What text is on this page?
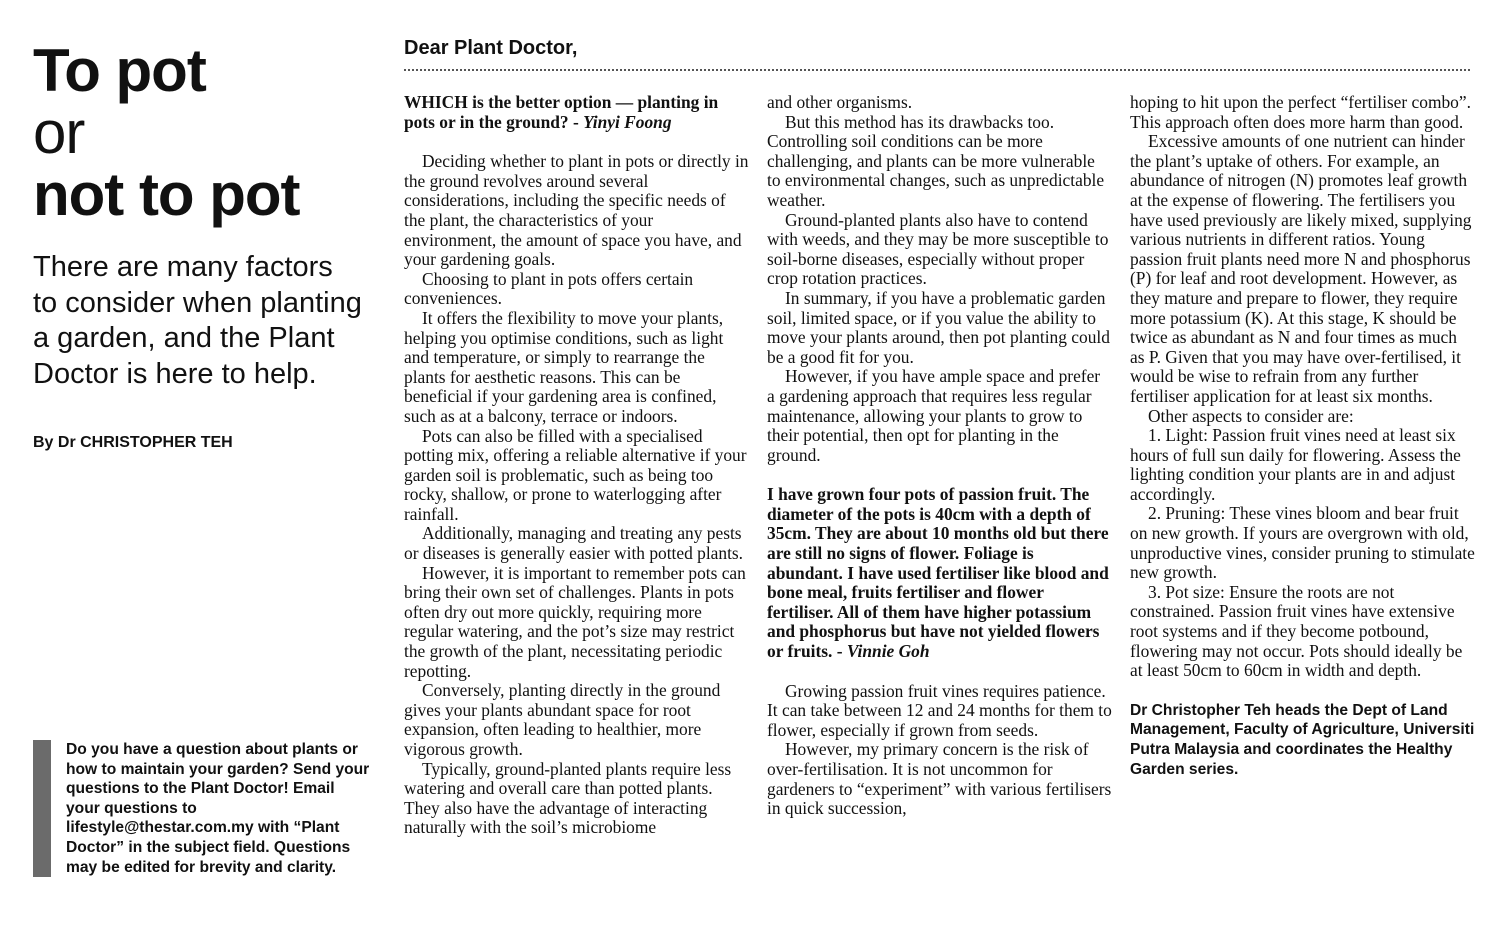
To pot
or
not to pot
There are many factors to consider when planting a garden, and the Plant Doctor is here to help.
By Dr CHRISTOPHER TEH
Do you have a question about plants or how to maintain your garden? Send your questions to the Plant Doctor! Email your questions to lifestyle@thestar.com.my with “Plant Doctor” in the subject field. Questions may be edited for brevity and clarity.
Dear Plant Doctor,

WHICH is the better option — planting in pots or in the ground? - Yinyi Foong

Deciding whether to plant in pots or directly in the ground revolves around several considerations, including the specific needs of the plant, the characteristics of your environment, the amount of space you have, and your gardening goals.

Choosing to plant in pots offers certain conveniences.

It offers the flexibility to move your plants, helping you optimise conditions, such as light and temperature, or simply to rearrange the plants for aesthetic reasons. This can be beneficial if your gardening area is confined, such as at a balcony, terrace or indoors.

Pots can also be filled with a specialised potting mix, offering a reliable alternative if your garden soil is problematic, such as being too rocky, shallow, or prone to waterlogging after rainfall.

Additionally, managing and treating any pests or diseases is generally easier with potted plants.

However, it is important to remember pots can bring their own set of challenges. Plants in pots often dry out more quickly, requiring more regular watering, and the pot’s size may restrict the growth of the plant, necessitating periodic repotting.

Conversely, planting directly in the ground gives your plants abundant space for root expansion, often leading to healthier, more vigorous growth.

Typically, ground-planted plants require less watering and overall care than potted plants. They also have the advantage of interacting naturally with the soil’s microbiome

and other organisms.

But this method has its drawbacks too. Controlling soil conditions can be more challenging, and plants can be more vulnerable to environmental changes, such as unpredictable weather.

Ground-planted plants also have to contend with weeds, and they may be more susceptible to soil-borne diseases, especially without proper crop rotation practices.

In summary, if you have a problematic garden soil, limited space, or if you value the ability to move your plants around, then pot planting could be a good fit for you.

However, if you have ample space and prefer a gardening approach that requires less regular maintenance, allowing your plants to grow to their potential, then opt for planting in the ground.

I have grown four pots of passion fruit. The diameter of the pots is 40cm with a depth of 35cm. They are about 10 months old but there are still no signs of flower. Foliage is abundant. I have used fertiliser like blood and bone meal, fruits fertiliser and flower fertiliser. All of them have higher potassium and phosphorus but have not yielded flowers or fruits. - Vinnie Goh

Growing passion fruit vines requires patience. It can take between 12 and 24 months for them to flower, especially if grown from seeds.

However, my primary concern is the risk of over-fertilisation. It is not uncommon for gardeners to “experiment” with various fertilisers in quick succession,

hoping to hit upon the perfect “fertiliser combo”. This approach often does more harm than good.

Excessive amounts of one nutrient can hinder the plant’s uptake of others. For example, an abundance of nitrogen (N) promotes leaf growth at the expense of flowering. The fertilisers you have used previously are likely mixed, supplying various nutrients in different ratios. Young passion fruit plants need more N and phosphorus (P) for leaf and root development. However, as they mature and prepare to flower, they require more potassium (K). At this stage, K should be twice as abundant as N and four times as much as P. Given that you may have over-fertilised, it would be wise to refrain from any further fertiliser application for at least six months.

Other aspects to consider are:

1. Light: Passion fruit vines need at least six hours of full sun daily for flowering. Assess the lighting condition your plants are in and adjust accordingly.

2. Pruning: These vines bloom and bear fruit on new growth. If yours are overgrown with old, unproductive vines, consider pruning to stimulate new growth.

3. Pot size: Ensure the roots are not constrained. Passion fruit vines have extensive root systems and if they become potbound, flowering may not occur. Pots should ideally be at least 50cm to 60cm in width and depth.

Dr Christopher Teh heads the Dept of Land Management, Faculty of Agriculture, Universiti Putra Malaysia and coordinates the Healthy Garden series.
